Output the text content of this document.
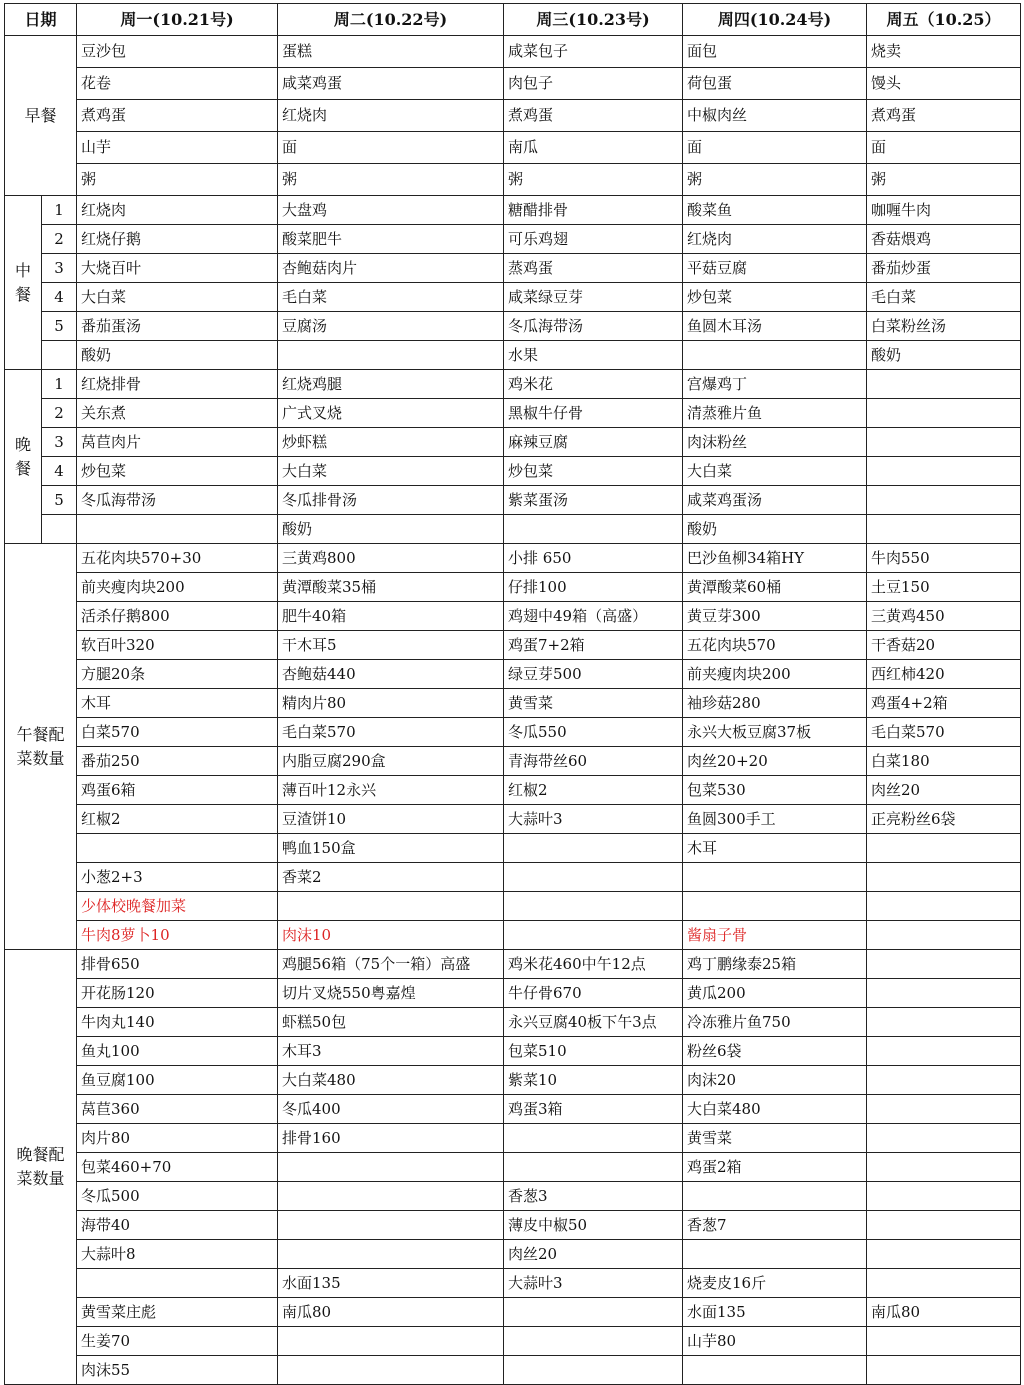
日期		周一(10.21号)	周二(10.22号)	周三(10.23号)	周四(10.24号)	周五（10.25）
早餐		豆沙包	蛋糕	咸菜包子	面包	烧卖
		花卷	咸菜鸡蛋	肉包子	荷包蛋	馒头
		煮鸡蛋	红烧肉	煮鸡蛋	中椒肉丝	煮鸡蛋
		山芋	面	南瓜	面	面
		粥	粥	粥	粥	粥
中
餐	1	红烧肉	大盘鸡	糖醋排骨	酸菜鱼	咖喱牛肉
	2	红烧仔鹅	酸菜肥牛	可乐鸡翅	红烧肉	香菇煨鸡
	3	大烧百叶	杏鲍菇肉片	蒸鸡蛋	平菇豆腐	番茄炒蛋
	4	大白菜	毛白菜	咸菜绿豆芽	炒包菜	毛白菜
	5	番茄蛋汤	豆腐汤	冬瓜海带汤	鱼圆木耳汤	白菜粉丝汤
		酸奶		水果		酸奶
晚
餐	1	红烧排骨	红烧鸡腿	鸡米花	宫爆鸡丁	
	2	关东煮	广式叉烧	黑椒牛仔骨	清蒸雅片鱼	
	3	莴苣肉片	炒虾糕	麻辣豆腐	肉沫粉丝	
	4	炒包菜	大白菜	炒包菜	大白菜	
	5	冬瓜海带汤	冬瓜排骨汤	紫菜蛋汤	咸菜鸡蛋汤	
			酸奶		酸奶	
午餐配
菜数量		五花肉块570+30	三黄鸡800	小排 650	巴沙鱼柳34箱HY	牛肉550
		前夹瘦肉块200	黄潭酸菜35桶	仔排100	黄潭酸菜60桶	土豆150
		活杀仔鹅800	肥牛40箱	鸡翅中49箱（高盛）	黄豆芽300	三黄鸡450
		软百叶320	干木耳5	鸡蛋7+2箱	五花肉块570	干香菇20
		方腿20条	杏鲍菇440	绿豆芽500	前夹瘦肉块200	西红柿420
		木耳	精肉片80	黄雪菜	袖珍菇280	鸡蛋4+2箱
		白菜570	毛白菜570	冬瓜550	永兴大板豆腐37板	毛白菜570
		番茄250	内脂豆腐290盒	青海带丝60	肉丝20+20	白菜180
		鸡蛋6箱	薄百叶12永兴	红椒2	包菜530	肉丝20
		红椒2	豆渣饼10	大蒜叶3	鱼圆300手工	正亮粉丝6袋
			鸭血150盒		木耳	
		小葱2+3	香菜2			
		少体校晚餐加菜				
		牛肉8萝卜10	肉沫10		酱扇子骨	
晚餐配
菜数量		排骨650	鸡腿56箱（75个一箱）高盛	鸡米花460中午12点	鸡丁鹏缘泰25箱	
		开花肠120	切片叉烧550粤嘉煌	牛仔骨670	黄瓜200	
		牛肉丸140	虾糕50包	永兴豆腐40板下午3点	冷冻雅片鱼750	
		鱼丸100	木耳3	包菜510	粉丝6袋	
		鱼豆腐100	大白菜480	紫菜10	肉沫20	
		莴苣360	冬瓜400	鸡蛋3箱	大白菜480	
		肉片80	排骨160		黄雪菜	
		包菜460+70			鸡蛋2箱	
		冬瓜500		香葱3		
		海带40		薄皮中椒50	香葱7	
		大蒜叶8		肉丝20		
			水面135	大蒜叶3	烧麦皮16斤	
		黄雪菜庄彪	南瓜80		水面135	南瓜80
		生姜70			山芋80	
		肉沫55				
